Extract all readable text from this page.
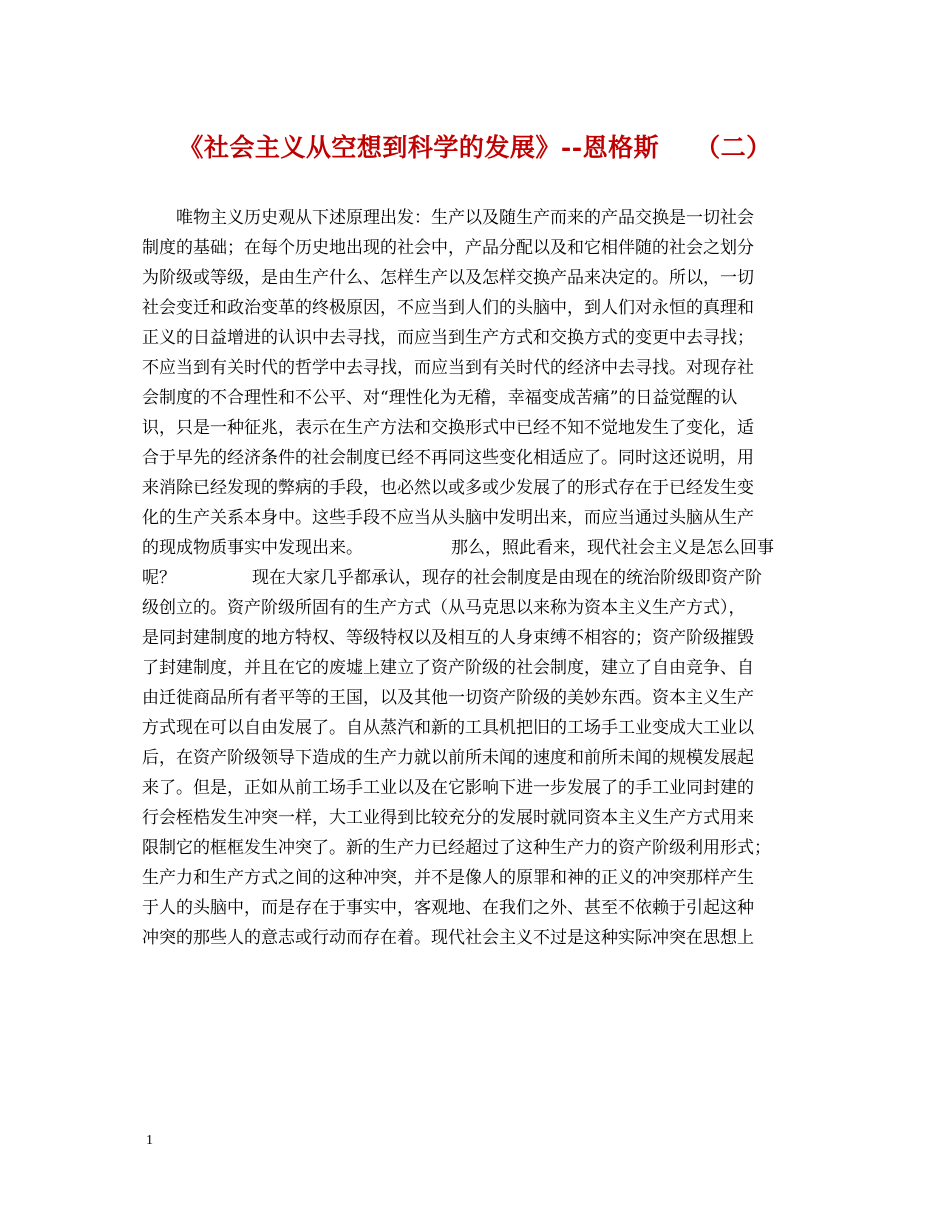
《社会主义从空想到科学的发展》--恩格斯 （二）
　　唯物主义历史观从下述原理出发：生产以及随生产而来的产品交换是一切社会
制度的基础；在每个历史地出现的社会中，产品分配以及和它相伴随的社会之划分
为阶级或等级，是由生产什么、怎样生产以及怎样交换产品来决定的。所以，一切
社会变迁和政治变革的终极原因，不应当到人们的头脑中，到人们对永恒的真理和
正义的日益增进的认识中去寻找，而应当到生产方式和交换方式的变更中去寻找；
不应当到有关时代的哲学中去寻找，而应当到有关时代的经济中去寻找。对现存社
会制度的不合理性和不公平、对“理性化为无稽，幸福变成苦痛”的日益觉醒的认
识，只是一种征兆，表示在生产方法和交换形式中已经不知不觉地发生了变化，适
合于早先的经济条件的社会制度已经不再同这些变化相适应了。同时这还说明，用
来消除已经发现的弊病的手段，也必然以或多或少发展了的形式存在于已经发生变
化的生产关系本身中。这些手段不应当从头脑中发明出来，而应当通过头脑从生产
的现成物质事实中发现出来。	那么，照此看来，现代社会主义是怎么回事
呢？	现在大家几乎都承认，现存的社会制度是由现在的统治阶级即资产阶
级创立的。资产阶级所固有的生产方式（从马克思以来称为资本主义生产方式），
是同封建制度的地方特权、等级特权以及相互的人身束缚不相容的；资产阶级摧毁
了封建制度，并且在它的废墟上建立了资产阶级的社会制度，建立了自由竞争、自
由迁徙商品所有者平等的王国，以及其他一切资产阶级的美妙东西。资本主义生产
方式现在可以自由发展了。自从蒸汽和新的工具机把旧的工场手工业变成大工业以
后，在资产阶级领导下造成的生产力就以前所未闻的速度和前所未闻的规模发展起
来了。但是，正如从前工场手工业以及在它影响下进一步发展了的手工业同封建的
行会桎梏发生冲突一样，大工业得到比较充分的发展时就同资本主义生产方式用来
限制它的框框发生冲突了。新的生产力已经超过了这种生产力的资产阶级利用形式；
生产力和生产方式之间的这种冲突，并不是像人的原罪和神的正义的冲突那样产生
于人的头脑中，而是存在于事实中，客观地、在我们之外、甚至不依赖于引起这种
冲突的那些人的意志或行动而存在着。现代社会主义不过是这种实际冲突在思想上
1
